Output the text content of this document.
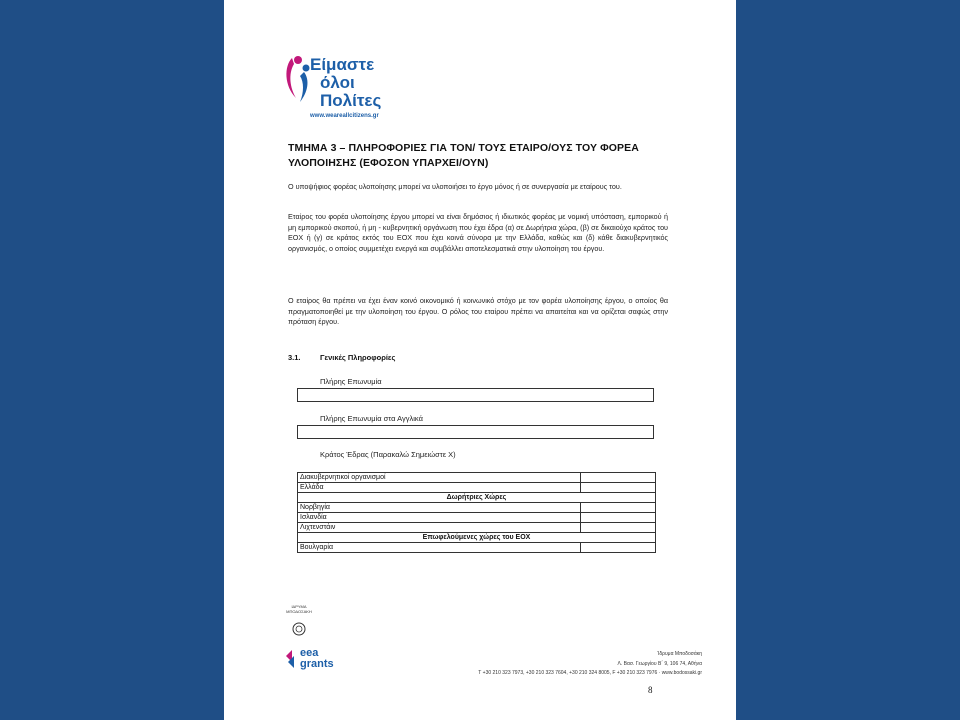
Είμαστε
όλοι
Πολίτες
www.weareallcitizens.gr
ΤΜΗΜΑ 3 – ΠΛΗΡΟΦΟΡΙΕΣ ΓΙΑ ΤΟΝ/ ΤΟΥΣ ΕΤΑΙΡΟ/ΟΥΣ ΤΟΥ ΦΟΡΕΑ ΥΛΟΠΟΙΗΣΗΣ (ΕΦΟΣΟΝ ΥΠΑΡΧΕΙ/ΟΥΝ)
Ο υποψήφιος φορέας υλοποίησης μπορεί να υλοποιήσει το έργο μόνος ή σε συνεργασία με εταίρους του.
Εταίρος του φορέα υλοποίησης έργου μπορεί να είναι δημόσιος ή ιδιωτικός φορέας με νομική υπόσταση, εμπορικού ή μη εμπορικού σκοπού, ή μη - κυβερνητική οργάνωση που έχει έδρα (α) σε Δωρήτρια χώρα, (β) σε δικαιούχο κράτος του ΕΟΧ ή (γ) σε κράτος εκτός του ΕΟΧ που έχει κοινά σύνορα με την Ελλάδα, καθώς και (δ) κάθε διακυβερνητικός οργανισμός, ο οποίος συμμετέχει ενεργά και συμβάλλει αποτελεσματικά στην υλοποίηση του έργου.
Ο εταίρος θα πρέπει να έχει έναν κοινό οικονομικό ή κοινωνικό στόχο με τον φορέα υλοποίησης έργου, ο οποίος θα πραγματοποιηθεί με την υλοποίηση του έργου. Ο ρόλος του εταίρου πρέπει να απαιτείται και να ορίζεται σαφώς στην πρόταση έργου.
3.1.	Γενικές Πληροφορίες
Πλήρης Επωνυμία
Πλήρης Επωνυμία στα Αγγλικά
Κράτος Έδρας (Παρακαλώ Σημειώστε Χ)
Διακυβερνητικοί οργανισμοί	
Ελλάδα	
Δωρήτριες Χώρες	
Νορβηγία	
Ισλανδία	
Λιχτενστάιν	
Επωφελούμενες χώρες του ΕΟΧ	
Βουλγαρία	
ΙΔΡΥΜΑ ΜΠΟΔΟΣΑΚΗ
eea
grants
Ίδρυμα Μποδοσάκη
Λ. Βασ. Γεωργίου Β΄ 9, 106 74, Αθήνα
T +30 210 323 7973, +30 210 323 7604, +30 210 324 8005, F +30 210 323 7976 · www.bodossaki.gr
8
